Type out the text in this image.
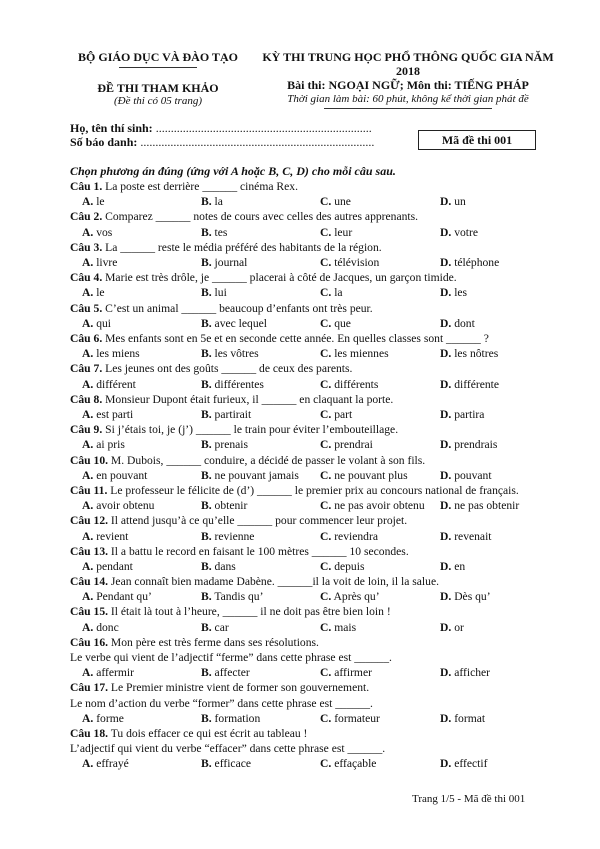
BỘ GIÁO DỤC VÀ ĐÀO TẠO
ĐỀ THI THAM KHẢO
(Đề thi có 05 trang)
KỲ THI TRUNG HỌC PHỔ THÔNG QUỐC GIA NĂM 2018
Bài thi: NGOẠI NGỮ; Môn thi: TIẾNG PHÁP
Thời gian làm bài: 60 phút, không kể thời gian phát đề
Họ, tên thí sinh: ........................................................................
Số báo danh: ..............................................................................	Mã đề thi 001
Chọn phương án đúng (ứng với A hoặc B, C, D) cho mỗi câu sau.
Câu 1. La poste est derrière ______ cinéma Rex.
A. le	B. la	C. une	D. un
Câu 2. Comparez ______ notes de cours avec celles des autres apprenants.
A. vos	B. tes	C. leur	D. votre
Câu 3. La ______ reste le média préféré des habitants de la région.
A. livre	B. journal	C. télévision	D. téléphone
Câu 4. Marie est très drôle, je ______ placerai à côté de Jacques, un garçon timide.
A. le	B. lui	C. la	D. les
Câu 5. C’est un animal ______ beaucoup d’enfants ont très peur.
A. qui	B. avec lequel	C. que	D. dont
Câu 6. Mes enfants sont en 5e et en seconde cette année. En quelles classes sont ______ ?
A. les miens	B. les vôtres	C. les miennes	D. les nôtres
Câu 7. Les jeunes ont des goûts ______ de ceux des parents.
A. différent	B. différentes	C. différents	D. différente
Câu 8. Monsieur Dupont était furieux, il ______ en claquant la porte.
A. est parti	B. partirait	C. part	D. partira
Câu 9. Si j’étais toi, je (j’) ______ le train pour éviter l’embouteillage.
A. ai pris	B. prenais	C. prendrai	D. prendrais
Câu 10. M. Dubois, ______ conduire, a décidé de passer le volant à son fils.
A. en pouvant	B. ne pouvant jamais C. ne pouvant plus	D. pouvant
Câu 11. Le professeur le félicite de (d’) ______ le premier prix au concours national de français.
A. avoir obtenu	B. obtenir	C. ne pas avoir obtenu D. ne pas obtenir
Câu 12. Il attend jusqu’à ce qu’elle ______ pour commencer leur projet.
A. revient	B. revienne	C. reviendra	D. revenait
Câu 13. Il a battu le record en faisant le 100 mètres ______ 10 secondes.
A. pendant	B. dans	C. depuis	D. en
Câu 14. Jean connaît bien madame Dabène. ______il la voit de loin, il la salue.
A. Pendant qu’	B. Tandis qu’	C. Après qu’	D. Dès qu’
Câu 15. Il était là tout à l’heure, ______ il ne doit pas être bien loin !
A. donc	B. car	C. mais	D. or
Câu 16. Mon père est très ferme dans ses résolutions.
Le verbe qui vient de l’adjectif “ferme” dans cette phrase est ______.
A. affermir	B. affecter	C. affirmer	D. afficher
Câu 17. Le Premier ministre vient de former son gouvernement.
Le nom d’action du verbe “former” dans cette phrase est ______.
A. forme	B. formation	C. formateur	D. format
Câu 18. Tu dois effacer ce qui est écrit au tableau !
L’adjectif qui vient du verbe “effacer” dans cette phrase est ______.
A. effrayé	B. efficace	C. effaçable	D. effectif
Trang 1/5 - Mã đề thi 001
